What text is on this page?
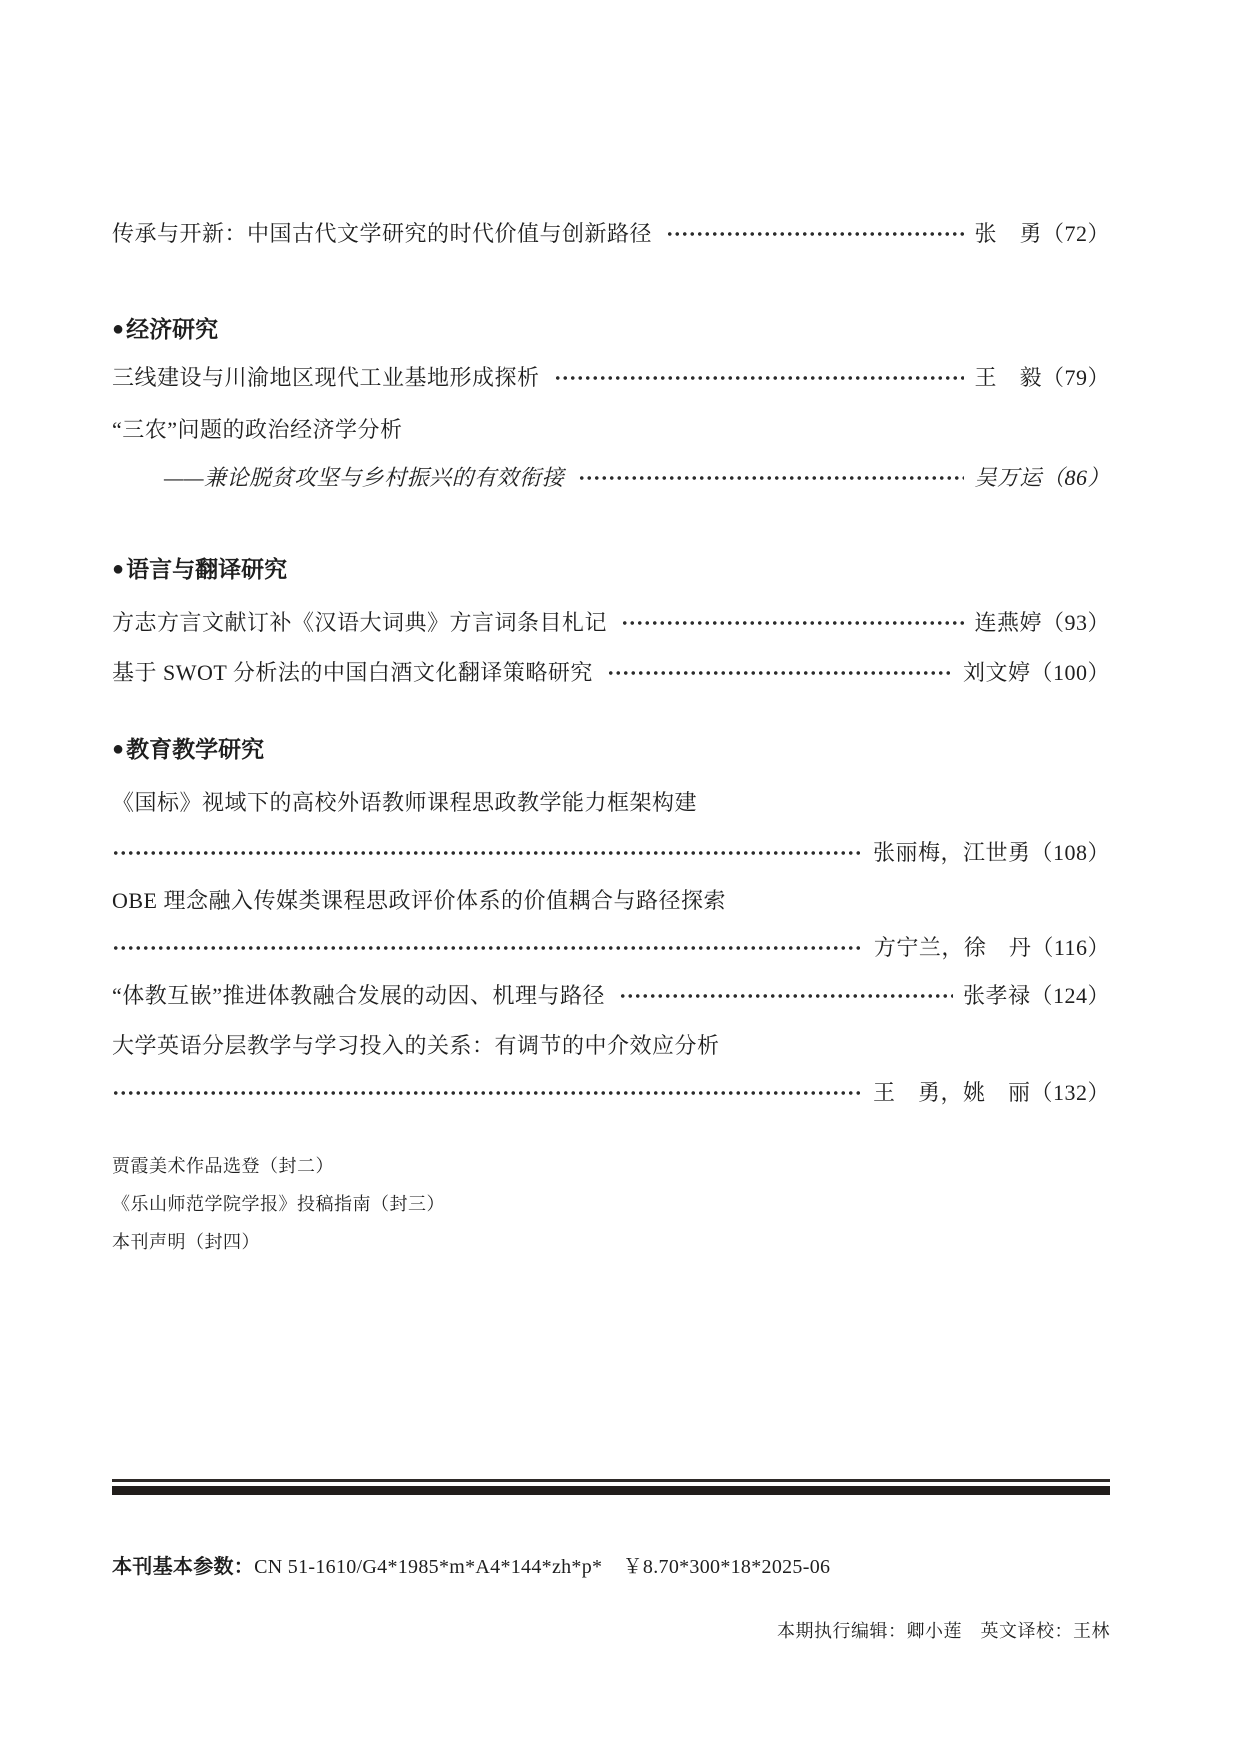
传承与开新：中国古代文学研究的时代价值与创新路径	张　勇（72）
● 经济研究
三线建设与川渝地区现代工业基地形成探析	王　毅（79）
“三农”问题的政治经济学分析
——兼论脱贫攻坚与乡村振兴的有效衔接	吴万运（86）
● 语言与翻译研究
方志方言文献订补《汉语大词典》方言词条目札记	连燕婷（93）
基于 SWOT 分析法的中国白酒文化翻译策略研究	刘文婷（100）
● 教育教学研究
《国标》视域下的高校外语教师课程思政教学能力框架构建
张丽梅，江世勇（108）
OBE 理念融入传媒类课程思政评价体系的价值耦合与路径探索
方宁兰，徐　丹（116）
“体教互嵌”推进体教融合发展的动因、机理与路径	张孝禄（124）
大学英语分层教学与学习投入的关系：有调节的中介效应分析
王　勇，姚　丽（132）
贾霞美术作品选登（封二）
《乐山师范学院学报》投稿指南（封三）
本刊声明（封四）
本刊基本参数：CN 51-1610/G4*1985*m*A4*144*zh*p*　￥8.70*300*18*2025-06
本期执行编辑：卿小莲　英文译校：王林
